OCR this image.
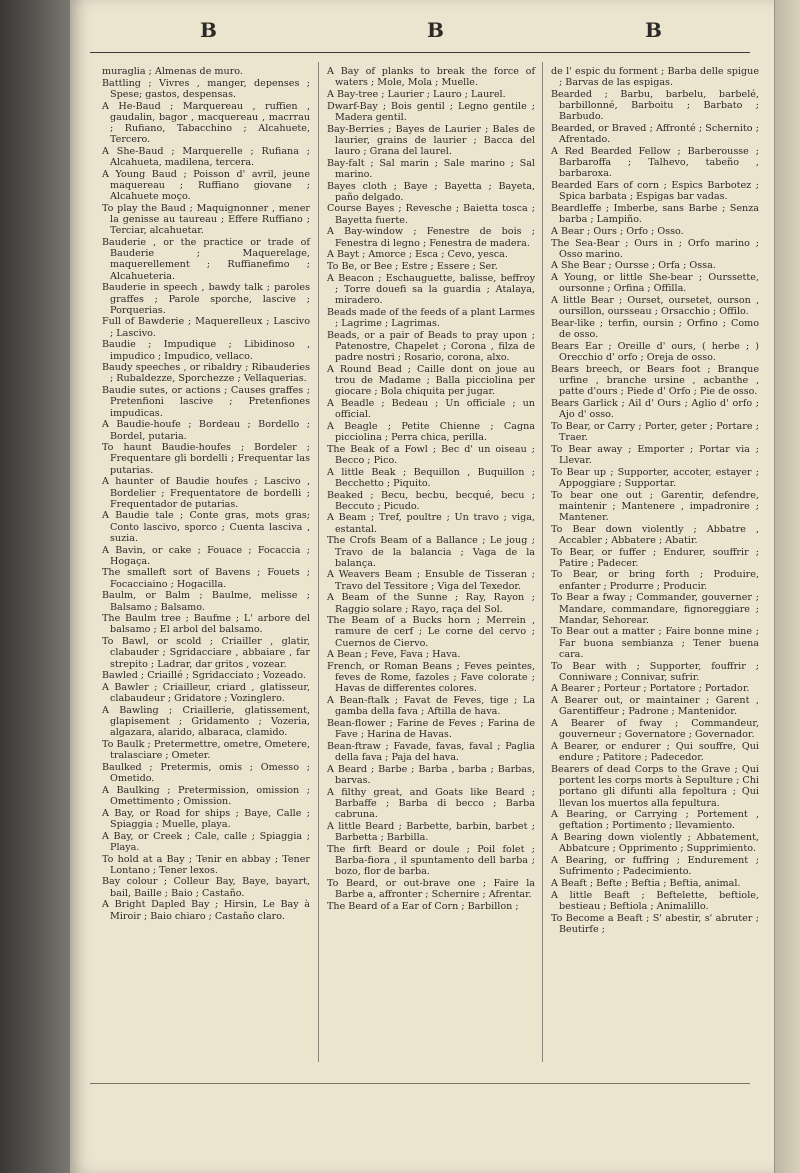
B	B	B

muraglia ; Almenas de muro.

Battling ; Vivres , manger, depenses ; Spese; gastos, despensas.

A He-Baud ; Marquereau , ruffien , gaudalin, bagor , macquereau , macrrau ; Rufiano, Tabacchino ; Alcahuete, Tercero.

A She-Baud ; Marquerelle ; Rufiana ; Alcahueta, madilena, tercera.

A Young Baud ; Poisson d' avril, jeune maquereau ; Ruffiano giovane ; Alcahuete moço.

To play the Baud ; Maquignonner , mener la genisse au taureau ; Effere Ruffiano ; Terciar, alcahuetar.

Bauderie , or the practice or trade of Bauderie ; Maquerelage, maquerellement ; Ruffianefimo ; Alcahueteria.

Bauderie in speech , bawdy talk ; paroles graffes ; Parole sporche, lascive ; Porquerias.

Full of Bawderie ; Maquerelleux ; Lascivo ; Lascivo.

Baudie ; Impudique ; Libidinoso , impudico ; Impudico, vellaco.

Baudy speeches , or ribaldry ; Ribauderies ; Rubaldezze, Sporchezze ; Vellaquerias.

Baudie sutes, or actions ; Causes graffes ; Pretenfioni lascive ; Pretenfiones impudicas.

A Baudie-houfe ; Bordeau ; Bordello ; Bordel, putaria.

To haunt Baudie-houfes ; Bordeler ; Frequentare gli bordelli ; Frequentar las putarias.

A haunter of Baudie houfes ; Lascivo , Bordelier ; Frequentatore de bordelli ; Frequentador de putarias.

A Baudie tale ; Conte gras, mots gras; Conto lascivo, sporco ; Cuenta lasciva , suzia.

A Bavin, or cake ; Fouace ; Focaccia ; Hogaça.

The smalleft sort of Bavens ; Fouets ; Focacciaino ; Hogacilla.

Baulm, or Balm ; Baulme, melisse ; Balsamo ; Balsamo.

The Baulm tree ; Baufme ; L' arbore del balsamo ; El arbol del balsamo.

To Bawl, or scold ; Criailler , glatir, clabauder ; Sgridacciare , abbaiare , far strepito ; Ladrar, dar gritos , vozear.

Bawled ; Criaillé ; Sgridacciato ; Vozeado.

A Bawler ; Criailleur, criard , glatisseur, clabaudeur ; Gridatore ; Vozinglero.

A Bawling ; Criaillerie, glatissement, glapisement ; Gridamento ; Vozeria, algazara, alarido, albaraca, clamido.

To Baulk ; Pretermettre, ometre, Ometere, tralasciare ; Ometer.

Baulked ; Pretermis, omis ; Omesso ; Ometido.

A Baulking ; Pretermission, omission ; Omettimento ; Omission.

A Bay, or Road for ships ; Baye, Calle ; Spiaggia ; Muelle, playa.

A Bay, or Creek ; Cale, calle ; Spiaggia ; Playa.

To hold at a Bay ; Tenir en abbay ; Tener Lontano ; Tener lexos.

Bay colour ; Colleur Bay, Baye, bayart, bail, Baille ; Baio ; Castaño.

A Bright Dapled Bay ; Hirsin, Le Bay à Miroir ; Baio chiaro ; Castaño claro.

A Bay of planks to break the force of waters ; Mole, Mola ; Muelle.

A Bay-tree ; Laurier ; Lauro ; Laurel.

Dwarf-Bay ; Bois gentil ; Legno gentile ; Madera gentil.

Bay-Berries ; Bayes de Laurier ; Bales de laurier, grains de laurier ; Bacca del lauro ; Grana del laurel.

Bay-falt ; Sal marin ; Sale marino ; Sal marino.

Bayes cloth ; Baye ; Bayetta ; Bayeta, paño delgado.

Course Bayes ; Revesche ; Baietta tosca ; Bayetta fuerte.

A Bay-window ; Fenestre de bois ; Fenestra di legno ; Fenestra de madera.

A Bayt ; Amorce ; Esca ; Cevo, yesca.

To Be, or Bee ; Estre ; Essere ; Ser.

A Beacon ; Eschauguette, balisse, beffroy ; Torre douefi sa la guardia ; Atalaya, miradero.

Beads made of the feeds of a plant Larmes ; Lagrime ; Lagrimas.

Beads, or a pair of Beads to pray upon ; Patenostre, Chapelet ; Corona , filza de padre nostri ; Rosario, corona, alxo.

A Round Bead ; Caille dont on joue au trou de Madame ; Balla picciolina per giocare ; Bola chiquita per jugar.

A Beadle ; Bedeau ; Un officiale ; un official.

A Beagle ; Petite Chienne ; Cagna picciolina ; Perra chica, perilla.

The Beak of a Fowl ; Bec d' un oiseau ; Becco ; Pico.

A little Beak ; Bequillon , Buquillon ; Becchetto ; Piquito.

Beaked ; Becu, becbu, becqué, becu ; Beccuto ; Picudo.

A Beam ; Tref, poultre ; Un travo ; viga, estantal.

The Crofs Beam of a Ballance ; Le joug ; Travo de la balancia ; Vaga de la balança.

A Weavers Beam ; Ensuble de Tisseran ; Travo del Tessitore ; Viga del Texedor.

A Beam of the Sunne ; Ray, Rayon ; Raggio solare ; Rayo, raça del Sol.

The Beam of a Bucks horn ; Merrein , ramure de cerf ; Le corne del cervo ; Cuernos de Ciervo.

A Bean ; Feve, Fava ; Hava.

French, or Roman Beans ; Feves peintes, feves de Rome, fazoles ; Fave colorate ; Havas de differentes colores.

A Bean-ftalk ; Favat de Feves, tige ; La gamba della fava ; Aftilla de hava.

Bean-flower ; Farine de Feves ; Farina de Fave ; Harina de Havas.

Bean-ftraw ; Favade, favas, faval ; Paglia della fava ; Paja del hava.

A Beard ; Barbe ; Barba , barba ; Barbas, barvas.

A filthy great, and Goats like Beard ; Barbaffe ; Barba di becco ; Barba cabruna.

A little Beard ; Barbette, barbin, barbet ; Barbetta ; Barbilla.

The firft Beard or doule ; Poil folet ; Barba-fiora , il spuntamento dell barba ; bozo, flor de barba.

To Beard, or out-brave one ; Faire la Barbe a, affronter ; Schernire ; Afrentar.

The Beard of a Ear of Corn ; Barbillon ;

de l' espic du forment ; Barba delle spigue ; Barvas de las espigas.

Bearded ; Barbu, barbelu, barbelé, barbillonné, Barboitu ; Barbato ; Barbudo.

Bearded, or Braved ; Affronté ; Schernito ; Afrentado.

A Red Bearded Fellow ; Barberousse ; Barbaroffa ; Talhevo, tabeño , barbaroxa.

Bearded Ears of corn ; Espics Barbotez ; Spica barbata ; Espigas bar vadas.

Beardleffe ; Imberbe, sans Barbe ; Senza barba ; Lampiño.

A Bear ; Ours ; Orfo ; Osso.

The Sea-Bear ; Ours in ; Orfo marino ; Osso marino.

A She Bear ; Oursse ; Orfa ; Ossa.

A Young, or little She-bear ; Ourssette, oursonne ; Orfina ; Offilla.

A little Bear ; Ourset, oursetet, ourson , oursillon, oursseau ; Orsacchio ; Offilo.

Bear-like ; terfin, oursin ; Orfino ; Como de osso.

Bears Ear ; Oreille d' ours, ( herbe ; ) Orecchio d' orfo ; Oreja de osso.

Bears breech, or Bears foot ; Branque urfine , branche ursine , acbanthe , patte d'ours ; Piede d' Orfo ; Pie de osso.

Bears Garlick ; Ail d' Ours ; Aglio d' orfo ; Ajo d' osso.

To Bear, or Carry ; Porter, geter ; Portare ; Traer.

To Bear away ; Emporter ; Portar via ; Llevar.

To Bear up ; Supporter, accoter, estayer ; Appoggiare ; Supportar.

To bear one out ; Garentir, defendre, maintenir ; Mantenere , impadronire ; Mantener.

To Bear down violently ; Abbatre , Accabler ; Abbatere ; Abatir.

To Bear, or fuffer ; Endurer, souffrir ; Patire ; Padecer.

To Bear, or bring forth ; Produire, enfanter ; Produrre ; Producir.

To Bear a fway ; Commander, gouverner ; Mandare, commandare, fignoreggiare ; Mandar, Sehorear.

To Bear out a matter ; Faire bonne mine ; Far buona sembianza ; Tener buena cara.

To Bear with ; Supporter, fouffrir ; Conniware ; Connivar, sufrir.

A Bearer ; Porteur ; Portatore ; Portador.

A Bearer out, or maintainer ; Garent , Garentiffeur ; Padrone ; Mantenidor.

A Bearer of fway ; Commandeur, gouverneur ; Governatore ; Governador.

A Bearer, or endurer ; Qui souffre, Qui endure ; Patitore ; Padecedor.

Bearers of dead Corps to the Grave ; Qui portent les corps morts à Sepulture ; Chi portano gli difunti alla fepoltura ; Qui llevan los muertos alla fepultura.

A Bearing, or Carrying ; Portement , geftation ; Portimento ; llevamiento.

A Bearing down violently ; Abbatement, Abbatcure ; Opprimento ; Supprimiento.

A Bearing, or fuffring ; Endurement ; Sufrimento ; Padecimiento.

A Beaft ; Befte ; Beftia ; Beftia, animal.

A little Beaft ; Beftelette, beftiole, bestieau ; Beftiola ; Animalillo.

To Become a Beaft ; S' abestir, s' abruter ; Beutirfe ;
